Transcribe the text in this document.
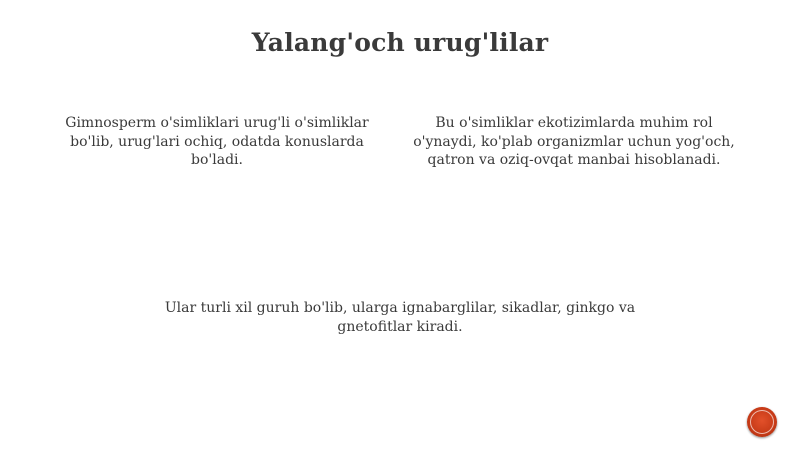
Yalang'och urug'lilar
Gimnosperm o'simliklari urug'li o'simliklar bo'lib, urug'lari ochiq, odatda konuslarda bo'ladi.
Bu o'simliklar ekotizimlarda muhim rol o'ynaydi, ko'plab organizmlar uchun yog'och, qatron va oziq-ovqat manbai hisoblanadi.
Ular turli xil guruh bo'lib, ularga ignabarglilar, sikadlar, ginkgo va gnetofitlar kiradi.
